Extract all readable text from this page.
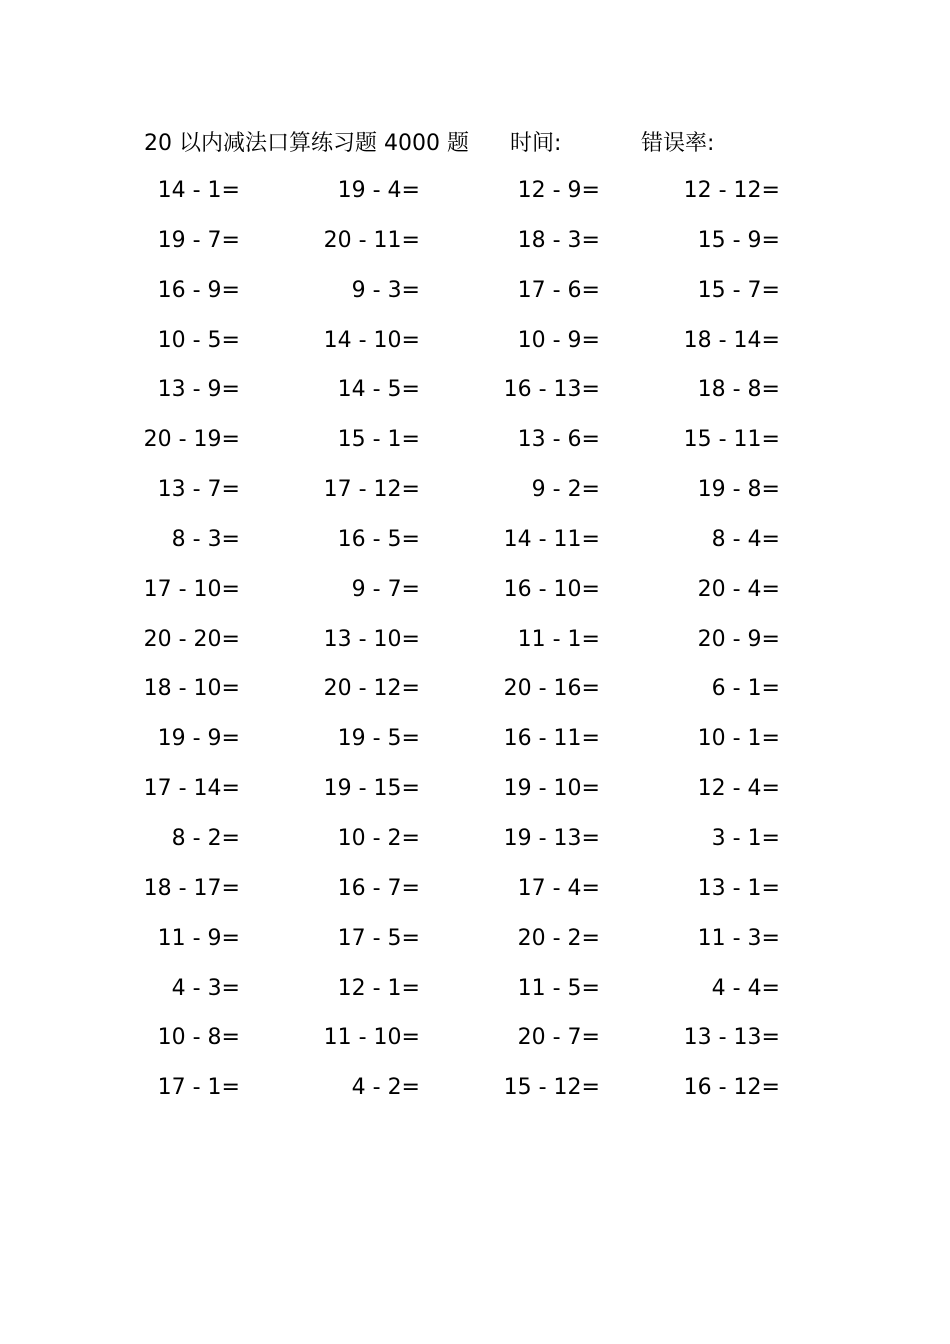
20 以内减法口算练习题 4000 题 时间:	错误率:
14 - 1=	19 - 4=	12 - 9=	12 - 12=
19 - 7=	20 - 11=	18 - 3=	15 - 9=
16 - 9=	9 - 3=	17 - 6=	15 - 7=
10 - 5=	14 - 10=	10 - 9=	18 - 14=
13 - 9=	14 - 5=	16 - 13=	18 - 8=
20 - 19=	15 - 1=	13 - 6=	15 - 11=
13 - 7=	17 - 12=	9 - 2=	19 - 8=
8 - 3=	16 - 5=	14 - 11=	8 - 4=
17 - 10=	9 - 7=	16 - 10=	20 - 4=
20 - 20=	13 - 10=	11 - 1=	20 - 9=
18 - 10=	20 - 12=	20 - 16=	6 - 1=
19 - 9=	19 - 5=	16 - 11=	10 - 1=
17 - 14=	19 - 15=	19 - 10=	12 - 4=
8 - 2=	10 - 2=	19 - 13=	3 - 1=
18 - 17=	16 - 7=	17 - 4=	13 - 1=
11 - 9=	17 - 5=	20 - 2=	11 - 3=
4 - 3=	12 - 1=	11 - 5=	4 - 4=
10 - 8=	11 - 10=	20 - 7=	13 - 13=
17 - 1=	4 - 2=	15 - 12=	16 - 12=
